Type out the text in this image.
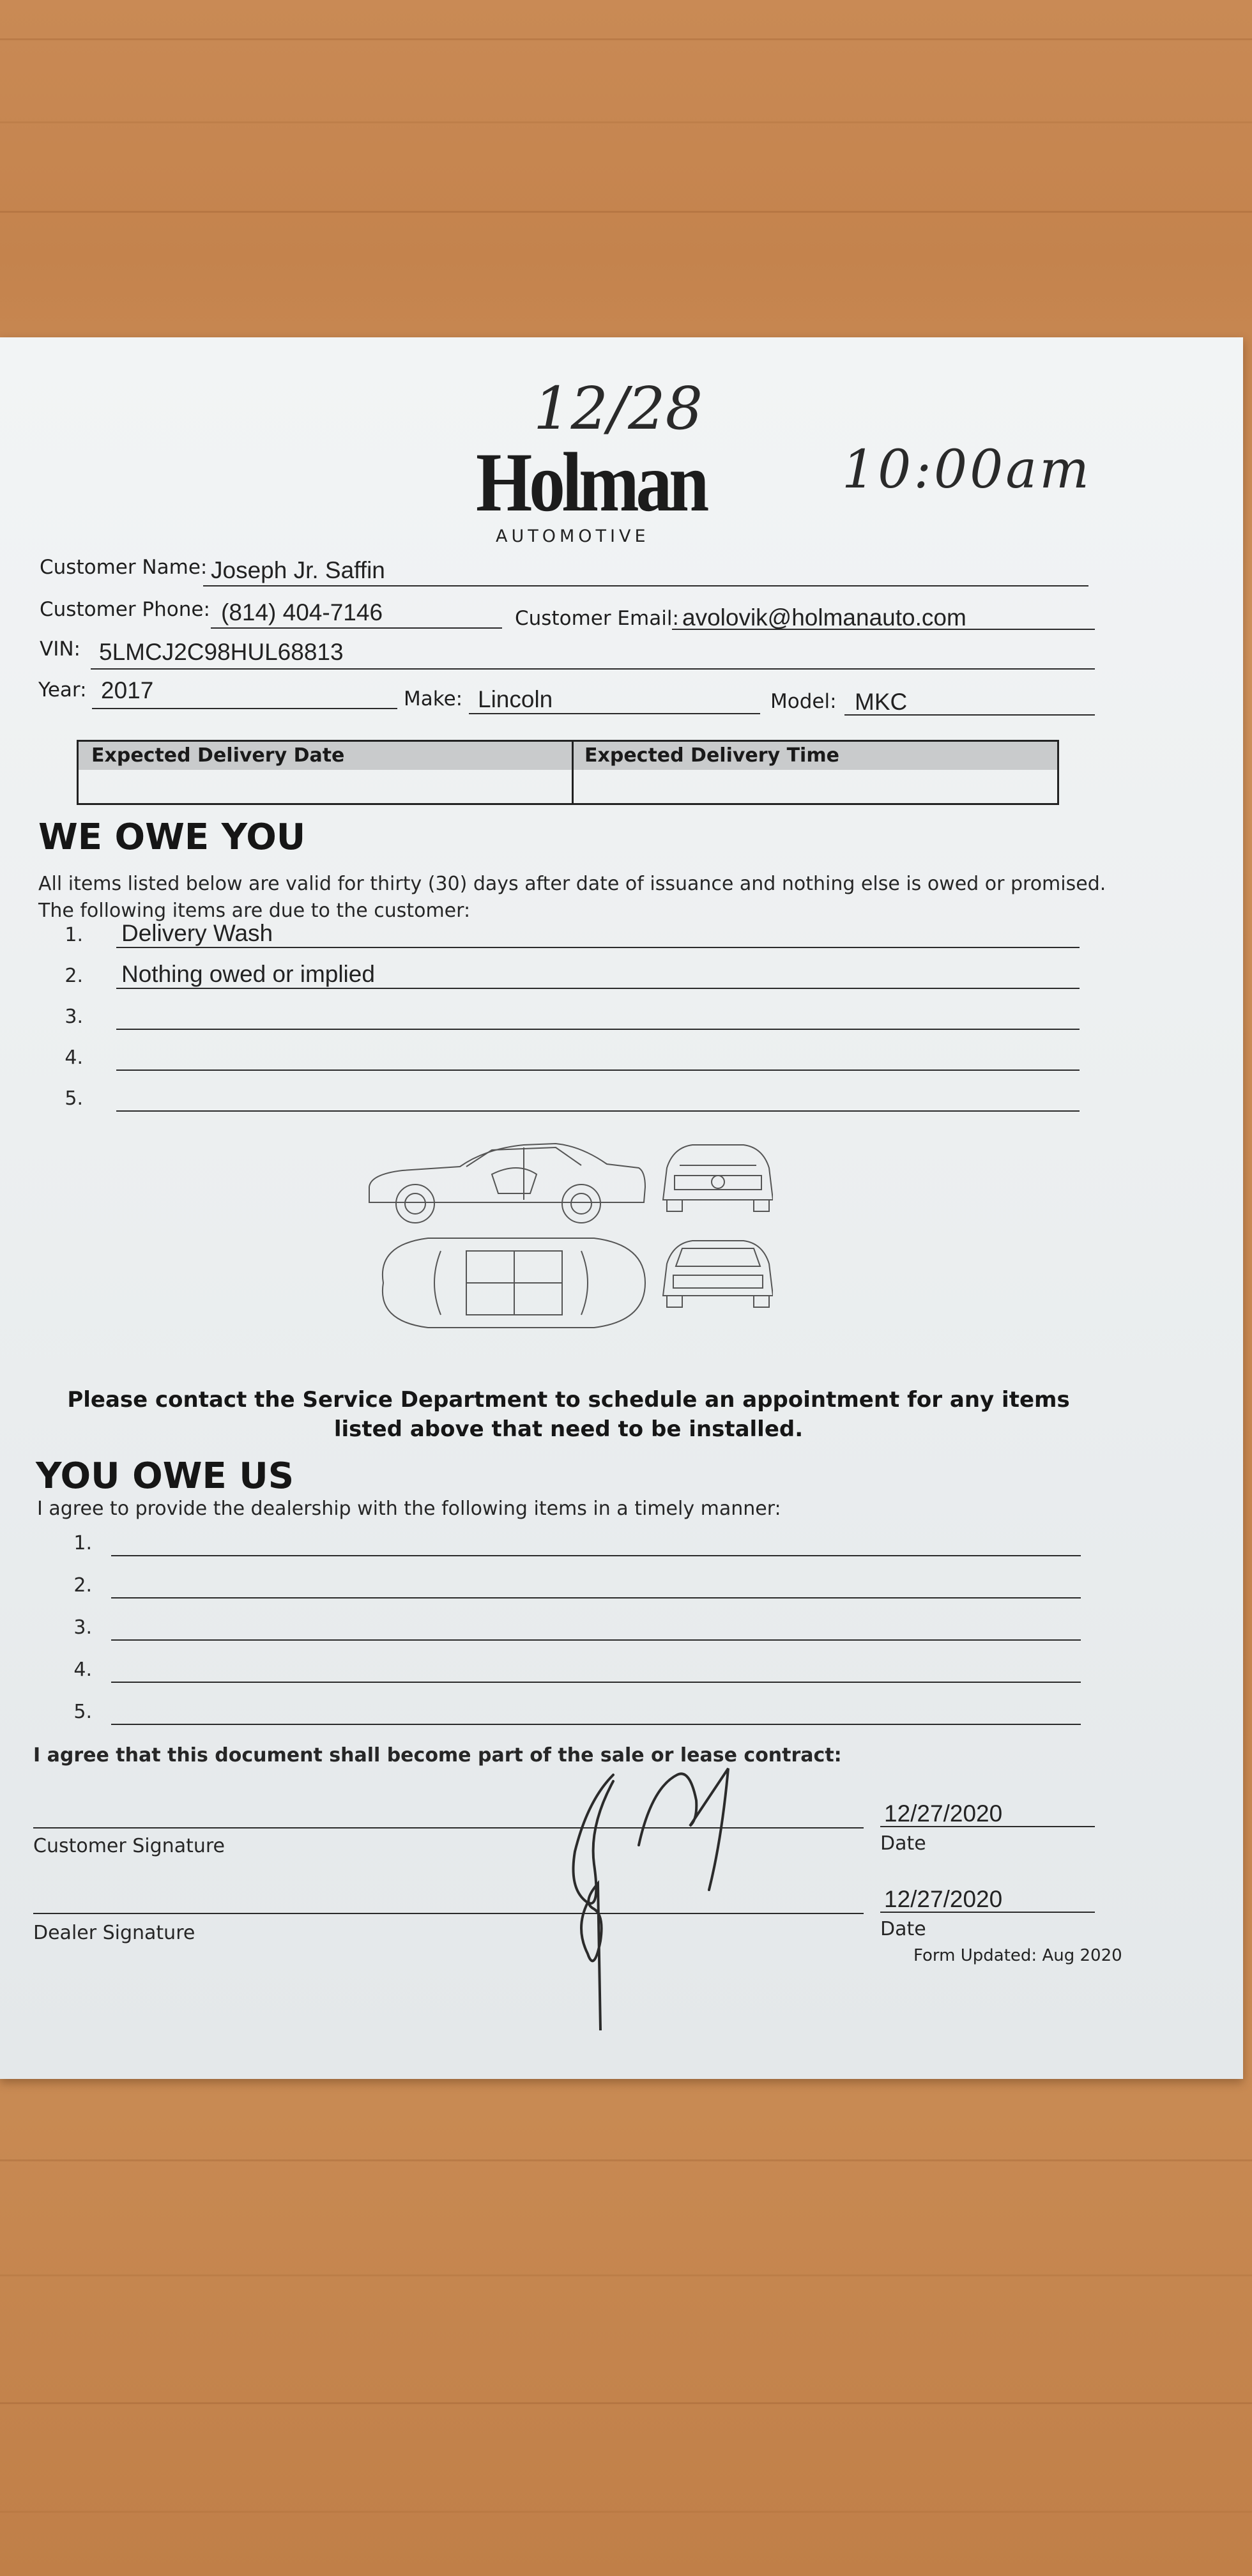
12/28
10:00am
Holman
AUTOMOTIVE
Customer Name: Joseph Jr. Saffin
Customer Phone: (814) 404-7146	Customer Email: avolovik@holmanauto.com
VIN: 5LMCJ2C98HUL68813
Year: 2017	Make: Lincoln	Model: MKC
Expected Delivery Date	Expected Delivery Time
WE OWE YOU
All items listed below are valid for thirty (30) days after date of issuance and nothing else is owed or promised.
The following items are due to the customer:
1. Delivery Wash
2. Nothing owed or implied
3.
4.
5.
Please contact the Service Department to schedule an appointment for any items listed above that need to be installed.
YOU OWE US
I agree to provide the dealership with the following items in a timely manner:
1.
2.
3.
4.
5.
I agree that this document shall become part of the sale or lease contract:
Customer Signature
12/27/2020
Date
Dealer Signature
12/27/2020
Date
Form Updated: Aug 2020
